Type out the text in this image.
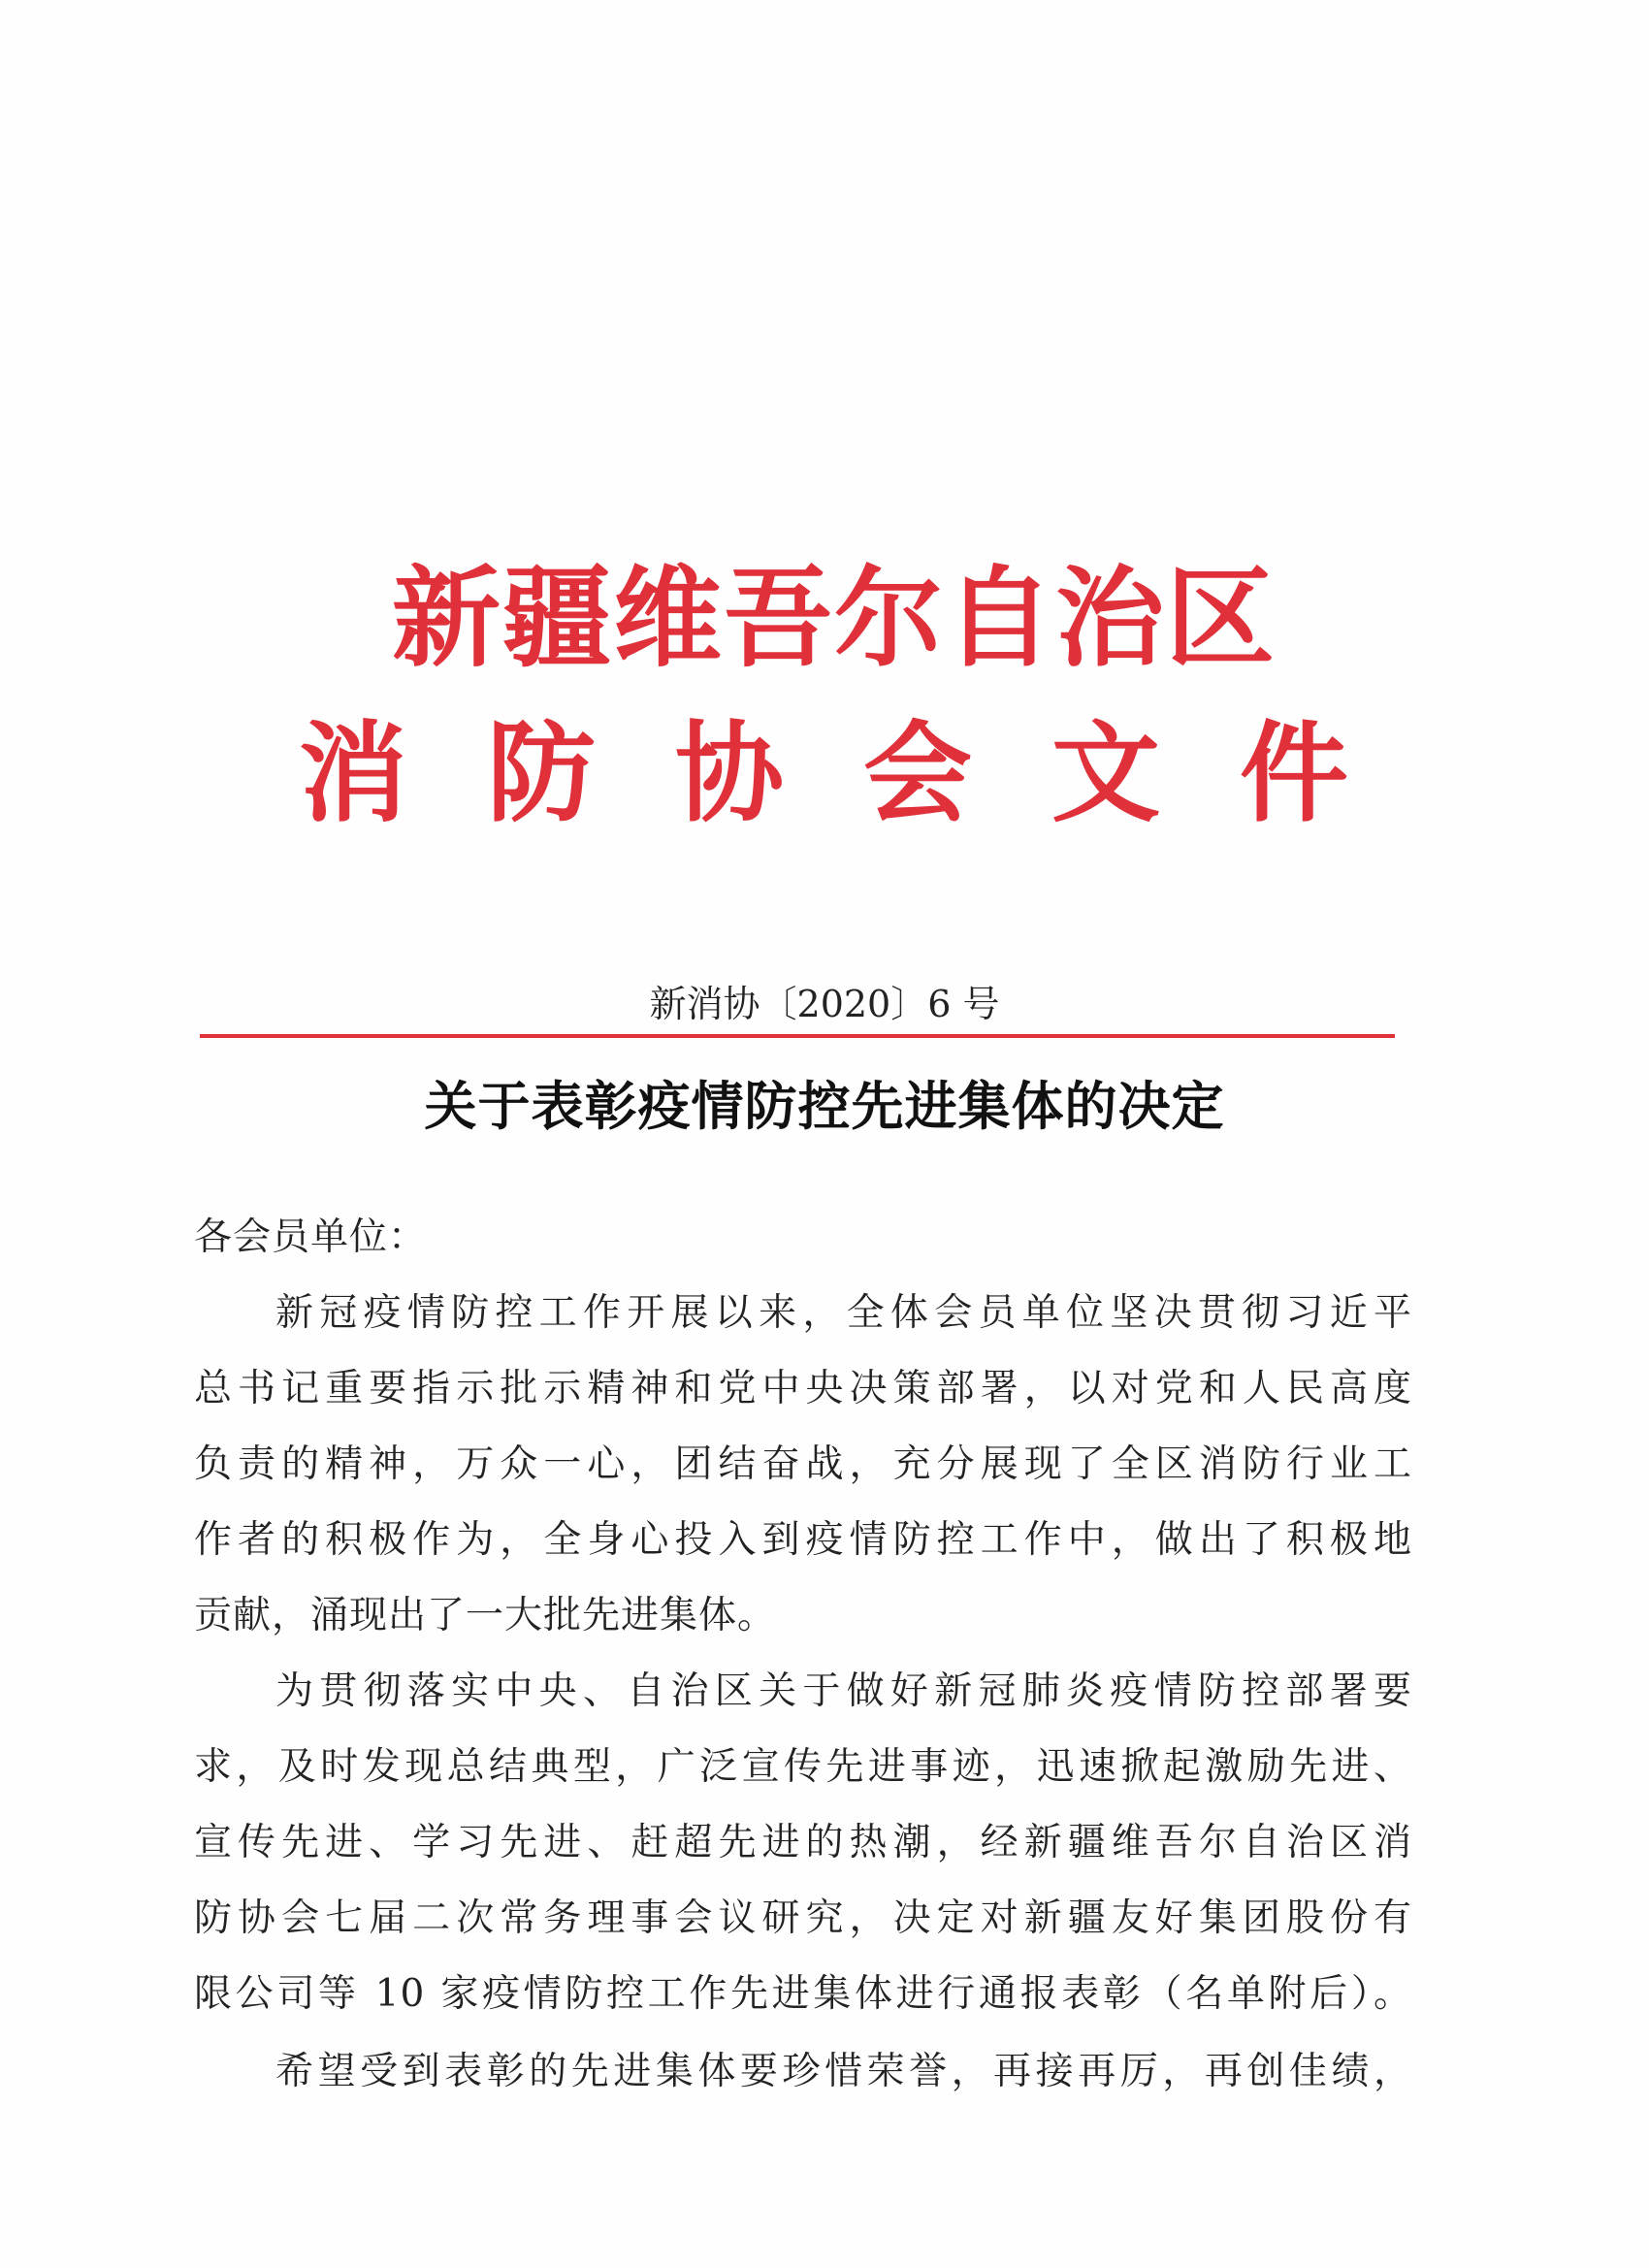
新疆维吾尔自治区
消防协会文件
新消协〔2020〕6 号
关于表彰疫情防控先进集体的决定
各会员单位：
新冠疫情防控工作开展以来，全体会员单位坚决贯彻习近平
总书记重要指示批示精神和党中央决策部署，以对党和人民高度
负责的精神，万众一心，团结奋战，充分展现了全区消防行业工
作者的积极作为，全身心投入到疫情防控工作中，做出了积极地
贡献，涌现出了一大批先进集体。
为贯彻落实中央、自治区关于做好新冠肺炎疫情防控部署要
求，及时发现总结典型，广泛宣传先进事迹，迅速掀起激励先进、
宣传先进、学习先进、赶超先进的热潮，经新疆维吾尔自治区消
防协会七届二次常务理事会议研究，决定对新疆友好集团股份有
限公司等 10 家疫情防控工作先进集体进行通报表彰（名单附后）。
希望受到表彰的先进集体要珍惜荣誉，再接再厉，再创佳绩，
